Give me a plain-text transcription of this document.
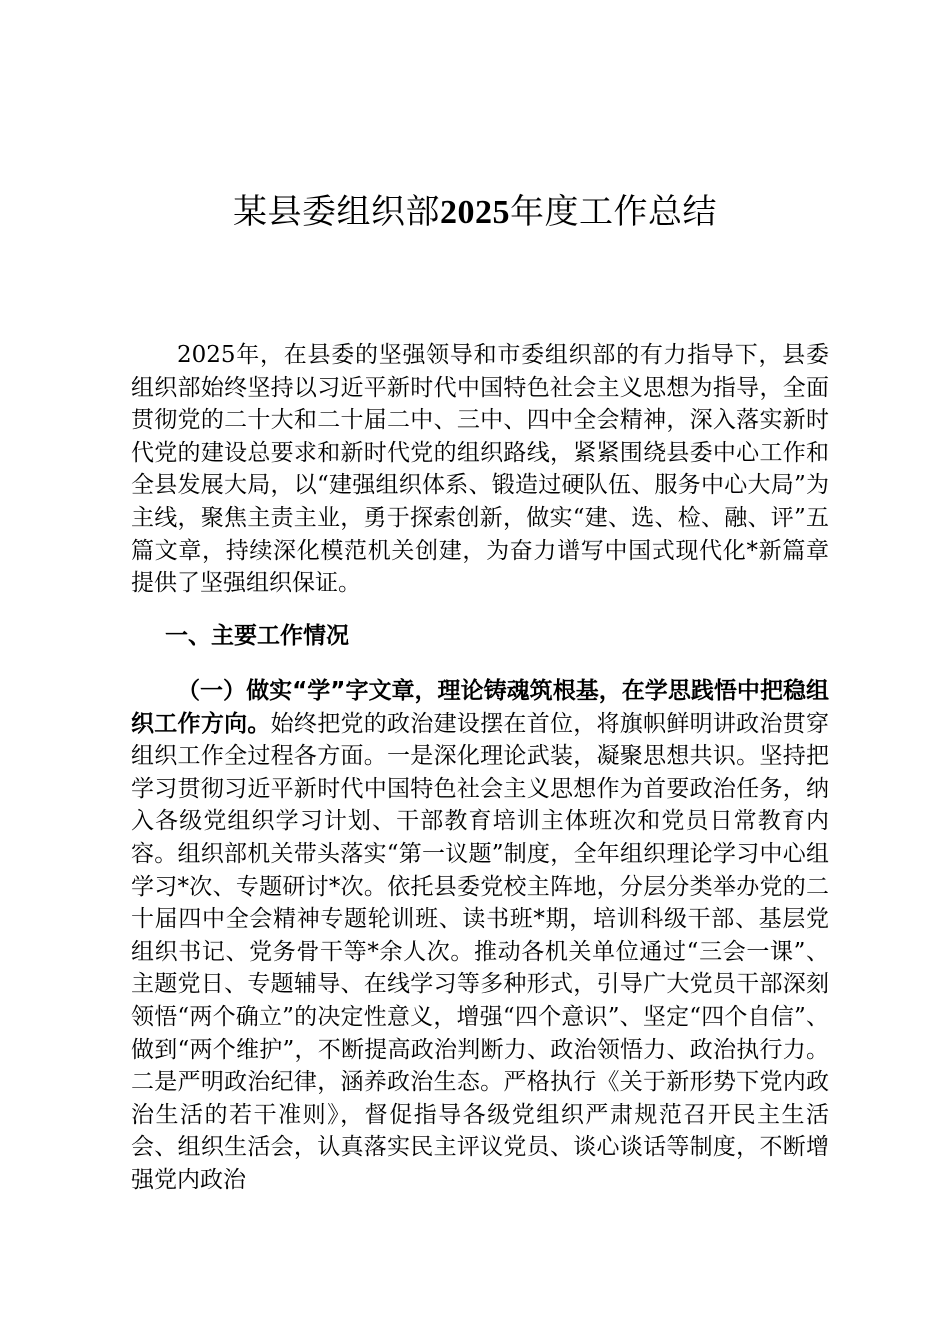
某县委组织部2025年度工作总结

2025年，在县委的坚强领导和市委组织部的有力指导下，县委组织部始终坚持以习近平新时代中国特色社会主义思想为指导，全面贯彻党的二十大和二十届二中、三中、四中全会精神，深入落实新时代党的建设总要求和新时代党的组织路线，紧紧围绕县委中心工作和全县发展大局，以“建强组织体系、锻造过硬队伍、服务中心大局”为主线，聚焦主责主业，勇于探索创新，做实“建、选、检、融、评”五篇文章，持续深化模范机关创建，为奋力谱写中国式现代化*新篇章提供了坚强组织保证。

一、主要工作情况

（一）做实“学”字文章，理论铸魂筑根基，在学思践悟中把稳组织工作方向。始终把党的政治建设摆在首位，将旗帜鲜明讲政治贯穿组织工作全过程各方面。一是深化理论武装，凝聚思想共识。坚持把学习贯彻习近平新时代中国特色社会主义思想作为首要政治任务，纳入各级党组织学习计划、干部教育培训主体班次和党员日常教育内容。组织部机关带头落实“第一议题”制度，全年组织理论学习中心组学习*次、专题研讨*次。依托县委党校主阵地，分层分类举办党的二十届四中全会精神专题轮训班、读书班*期，培训科级干部、基层党组织书记、党务骨干等*余人次。推动各机关单位通过“三会一课”、主题党日、专题辅导、在线学习等多种形式，引导广大党员干部深刻领悟“两个确立”的决定性意义，增强“四个意识”、坚定“四个自信”、做到“两个维护”，不断提高政治判断力、政治领悟力、政治执行力。二是严明政治纪律，涵养政治生态。严格执行《关于新形势下党内政治生活的若干准则》，督促指导各级党组织严肃规范召开民主生活会、组织生活会，认真落实民主评议党员、谈心谈话等制度，不断增强党内政治
